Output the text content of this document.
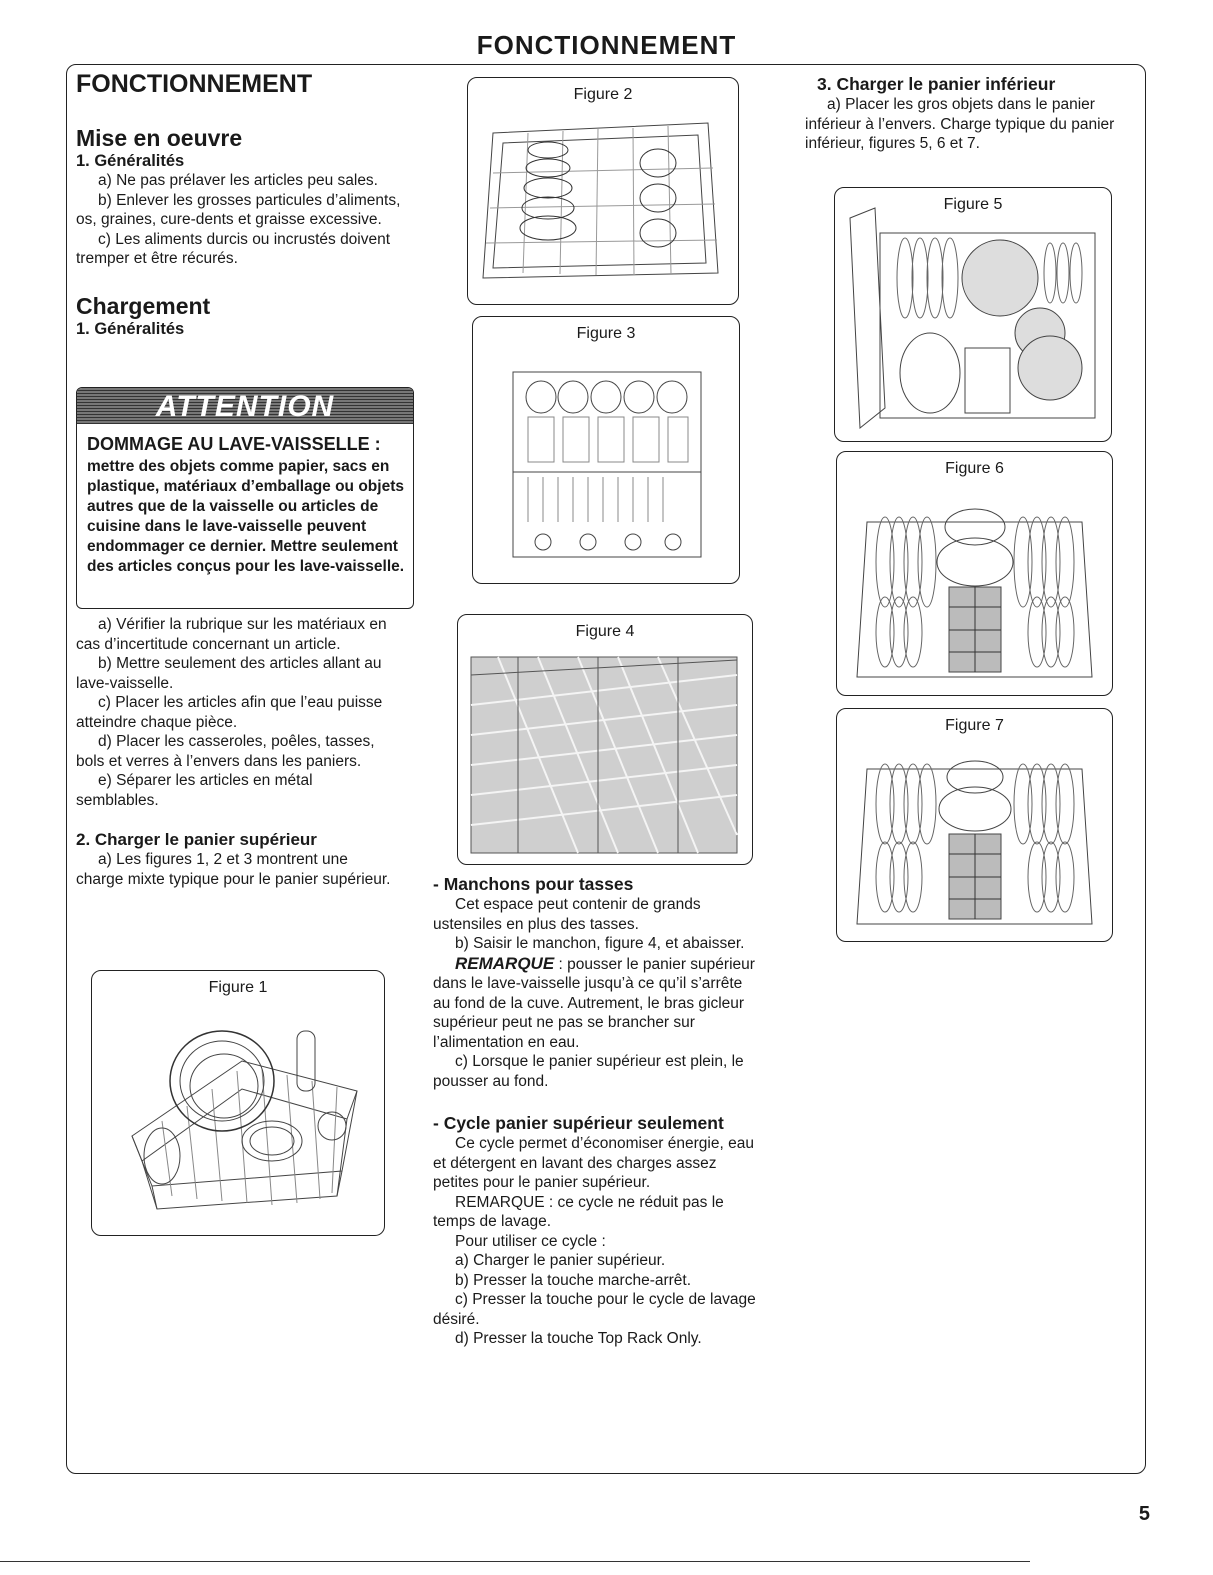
FONCTIONNEMENT
FONCTIONNEMENT
Mise en oeuvre
1. Généralités

a) Ne pas prélaver les articles peu sales.

b) Enlever les grosses particules d’aliments, os, graines, cure-dents et graisse excessive.

c) Les aliments durcis ou incrustés doivent tremper et être récurés.

Chargement
1. Généralités
ATTENTION

DOMMAGE AU LAVE-VAISSELLE :

mettre des objets comme papier, sacs en plastique, matériaux d’emballage ou objets autres que de la vaisselle ou articles de cuisine dans le lave-vaisselle peuvent endommager ce dernier. Mettre seulement des articles conçus pour les lave-vaisselle.

a) Vérifier la rubrique sur les matériaux en cas d’incertitude concernant un article.

b) Mettre seulement des articles allant au lave-vaisselle.

c) Placer les articles afin que l’eau puisse atteindre chaque pièce.

d) Placer les casseroles, poêles, tasses, bols et verres à l’envers dans les paniers.

e) Séparer les articles en métal semblables.

2. Charger le panier supérieur

a) Les figures 1, 2 et 3 montrent une charge mixte typique pour le panier supérieur.

Figure 1
Figure 2
Figure 3
Figure 4
- Manchons pour tasses

Cet espace peut contenir de grands ustensiles en plus des tasses.

b) Saisir le manchon, figure 4, et abaisser.

REMARQUE : pousser le panier supérieur dans le lave-vaisselle jusqu’à ce qu’il s’arrête au fond de la cuve. Autrement, le bras gicleur supérieur peut ne pas se brancher sur l’alimentation en eau.

c) Lorsque le panier supérieur est plein, le pousser au fond.

- Cycle panier supérieur seulement

Ce cycle permet d’économiser énergie, eau et détergent en lavant des charges assez petites pour le panier supérieur.

REMARQUE : ce cycle ne réduit pas le temps de lavage.

Pour utiliser ce cycle :

a) Charger le panier supérieur.

b) Presser la touche marche-arrêt.

c) Presser la touche pour le cycle de lavage désiré.

d) Presser la touche Top Rack Only.

3. Charger le panier inférieur

a) Placer les gros objets dans le panier inférieur à l’envers. Charge typique du panier inférieur, figures 5, 6 et 7.

Figure 5
Figure 6
Figure 7
5
